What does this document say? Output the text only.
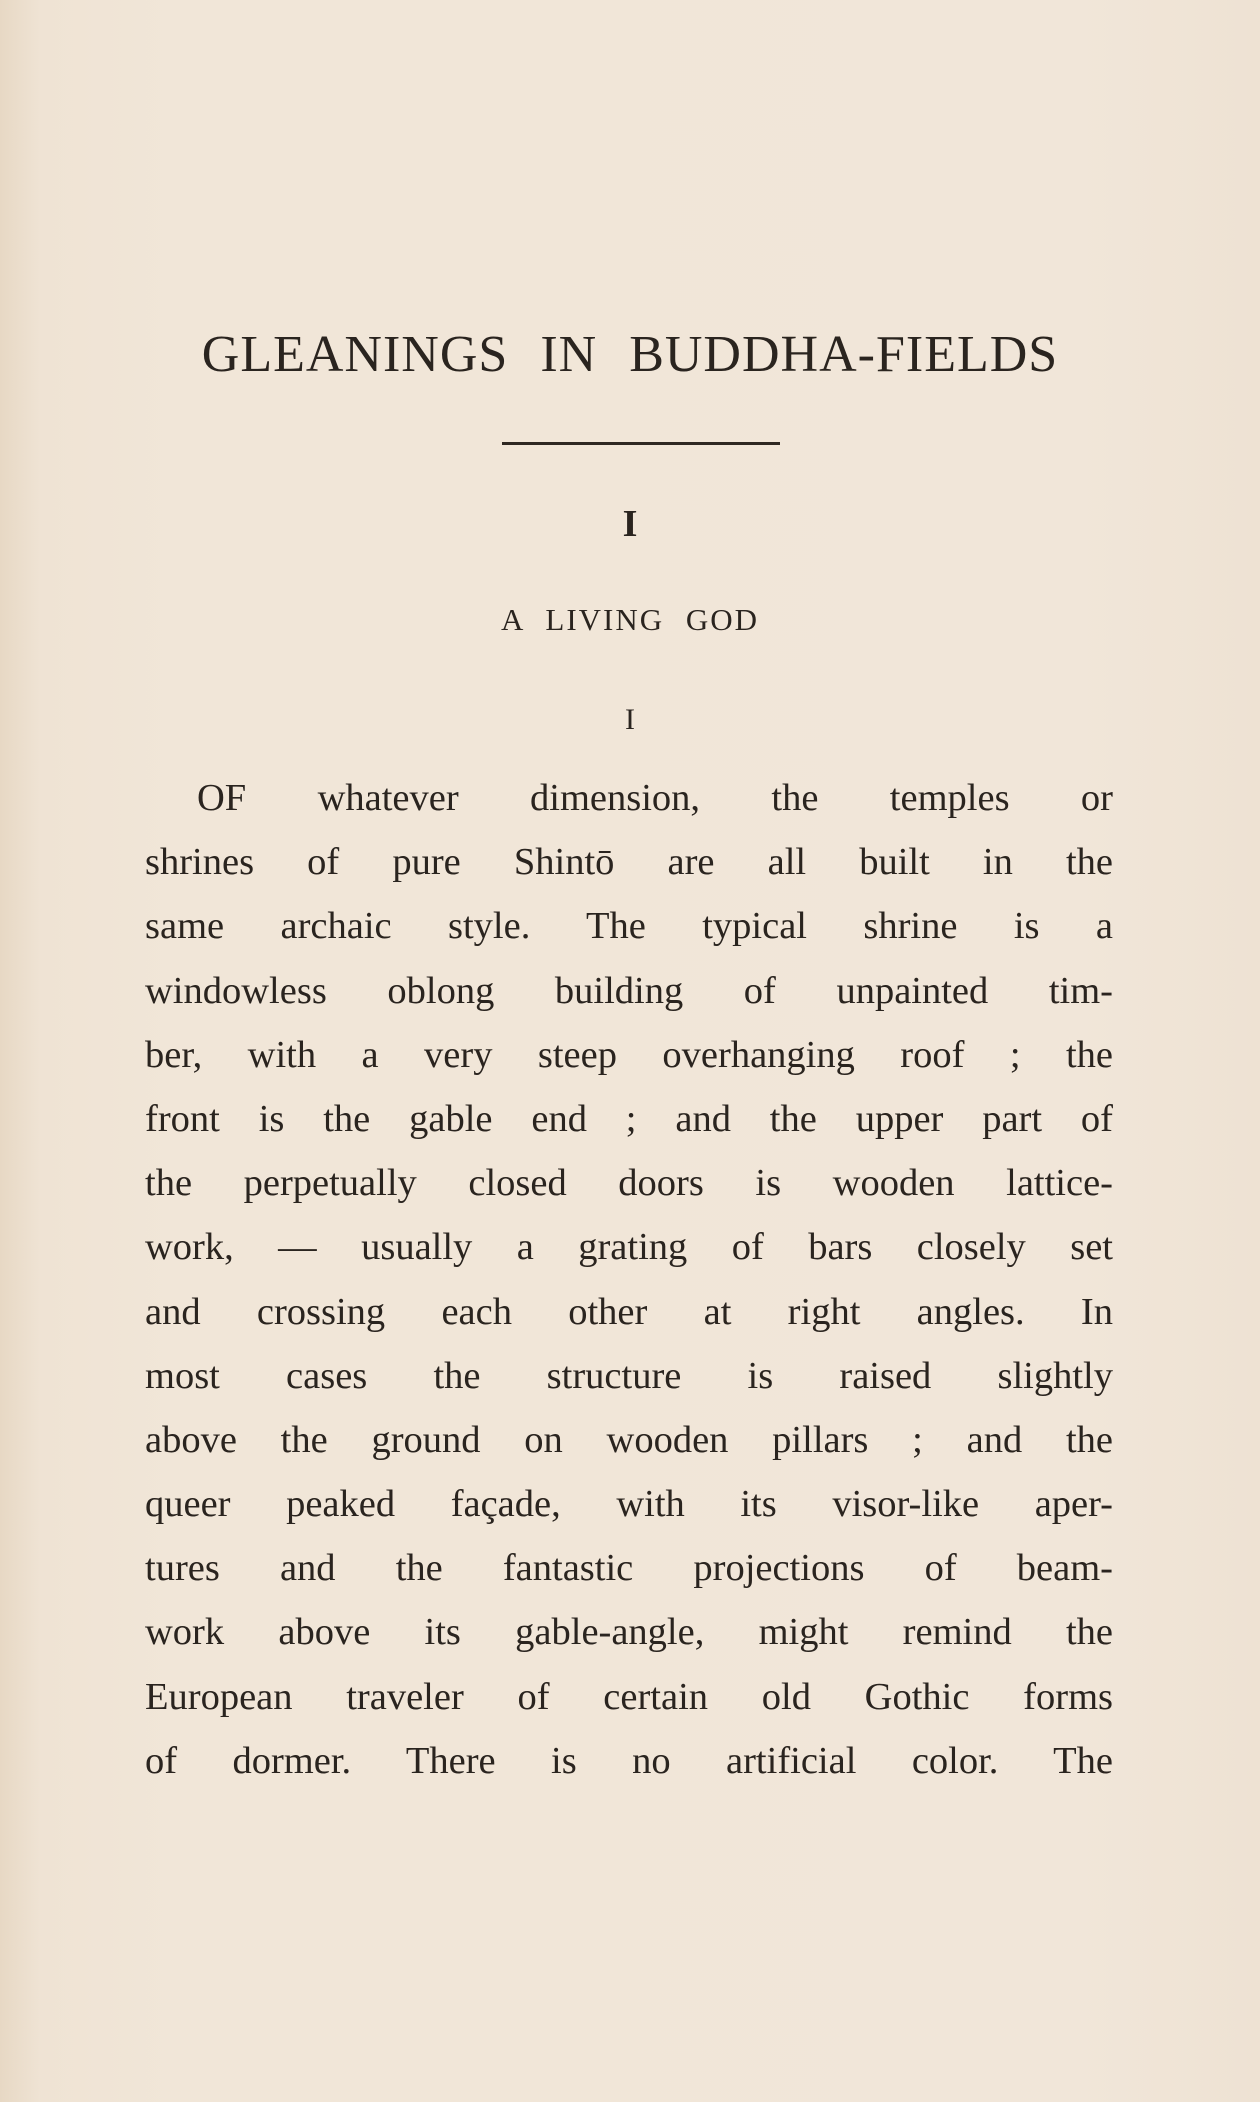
GLEANINGS IN BUDDHA-FIELDS
I
A LIVING GOD
I
OF whatever dimension, the temples or
shrines of pure Shintō are all built in the
same archaic style. The typical shrine is a
windowless oblong building of unpainted tim-
ber, with a very steep overhanging roof ; the
front is the gable end ; and the upper part of
the perpetually closed doors is wooden lattice-
work, — usually a grating of bars closely set
and crossing each other at right angles. In
most cases the structure is raised slightly
above the ground on wooden pillars ; and the
queer peaked façade, with its visor-like aper-
tures and the fantastic projections of beam-
work above its gable-angle, might remind the
European traveler of certain old Gothic forms
of dormer. There is no artificial color. The
